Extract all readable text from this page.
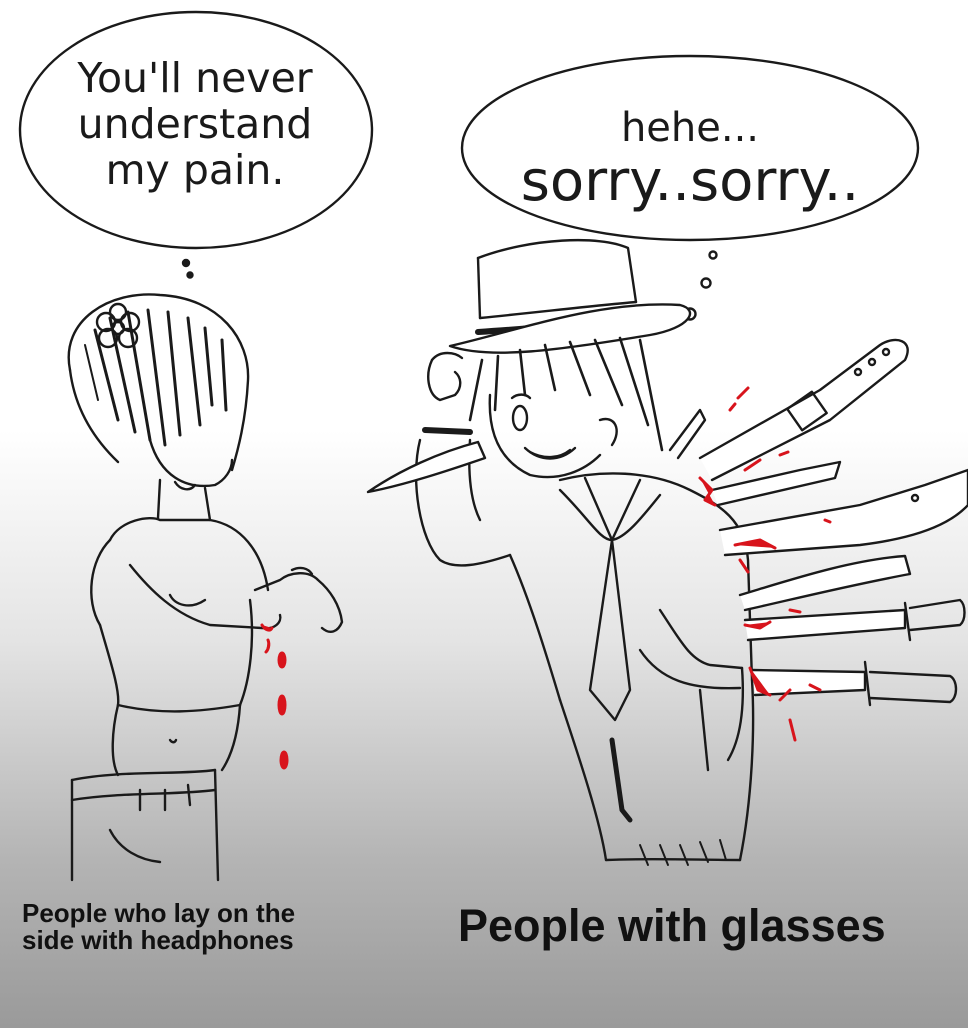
You'll never
understand
my pain.
hehe...
sorry..sorry..
People who lay on the
side with headphones	People with glasses
